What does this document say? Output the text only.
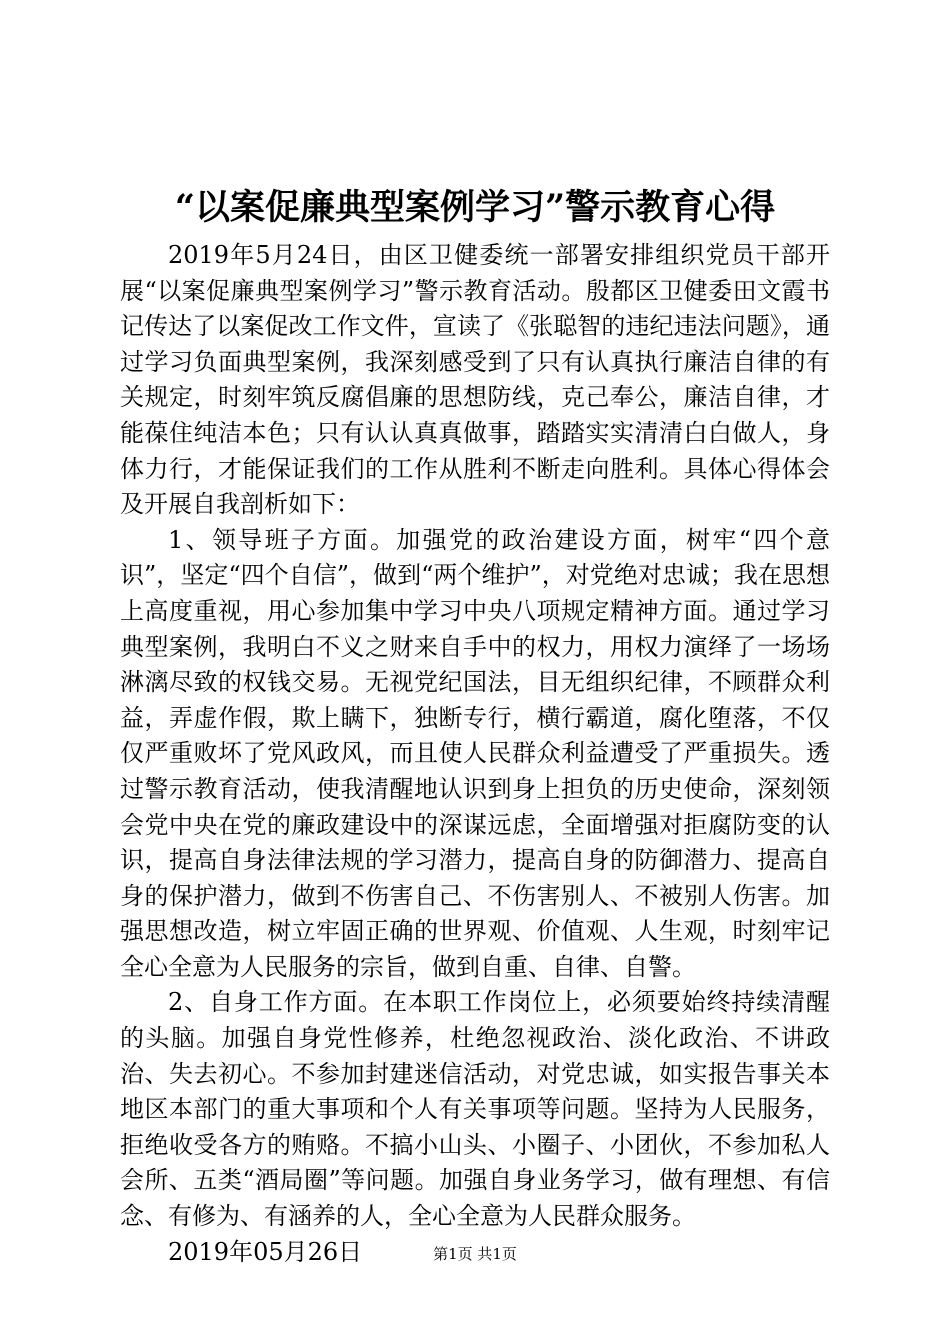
“以案促廉典型案例学习”警示教育心得

2019年5月24日，由区卫健委统一部署安排组织党员干部开展“以案促廉典型案例学习”警示教育活动。殷都区卫健委田文霞书记传达了以案促改工作文件，宣读了《张聪智的违纪违法问题》，通过学习负面典型案例，我深刻感受到了只有认真执行廉洁自律的有关规定，时刻牢筑反腐倡廉的思想防线，克己奉公，廉洁自律，才能葆住纯洁本色；只有认认真真做事，踏踏实实清清白白做人，身体力行，才能保证我们的工作从胜利不断走向胜利。具体心得体会及开展自我剖析如下：

1、领导班子方面。加强党的政治建设方面，树牢“四个意识”，坚定“四个自信”，做到“两个维护”，对党绝对忠诚；我在思想上高度重视，用心参加集中学习中央八项规定精神方面。通过学习典型案例，我明白不义之财来自手中的权力，用权力演绎了一场场淋漓尽致的权钱交易。无视党纪国法，目无组织纪律，不顾群众利益，弄虚作假，欺上瞒下，独断专行，横行霸道，腐化堕落，不仅仅严重败坏了党风政风，而且使人民群众利益遭受了严重损失。透过警示教育活动，使我清醒地认识到身上担负的历史使命，深刻领会党中央在党的廉政建设中的深谋远虑，全面增强对拒腐防变的认识，提高自身法律法规的学习潜力，提高自身的防御潜力、提高自身的保护潜力，做到不伤害自己、不伤害别人、不被别人伤害。加强思想改造，树立牢固正确的世界观、价值观、人生观，时刻牢记全心全意为人民服务的宗旨，做到自重、自律、自警。

2、自身工作方面。在本职工作岗位上，必须要始终持续清醒的头脑。加强自身党性修养，杜绝忽视政治、淡化政治、不讲政治、失去初心。不参加封建迷信活动，对党忠诚，如实报告事关本地区本部门的重大事项和个人有关事项等问题。坚持为人民服务，拒绝收受各方的贿赂。不搞小山头、小圈子、小团伙，不参加私人会所、五类“酒局圈”等问题。加强自身业务学习，做有理想、有信念、有修为、有涵养的人，全心全意为人民群众服务。

2019年05月26日	第1页 共1页
